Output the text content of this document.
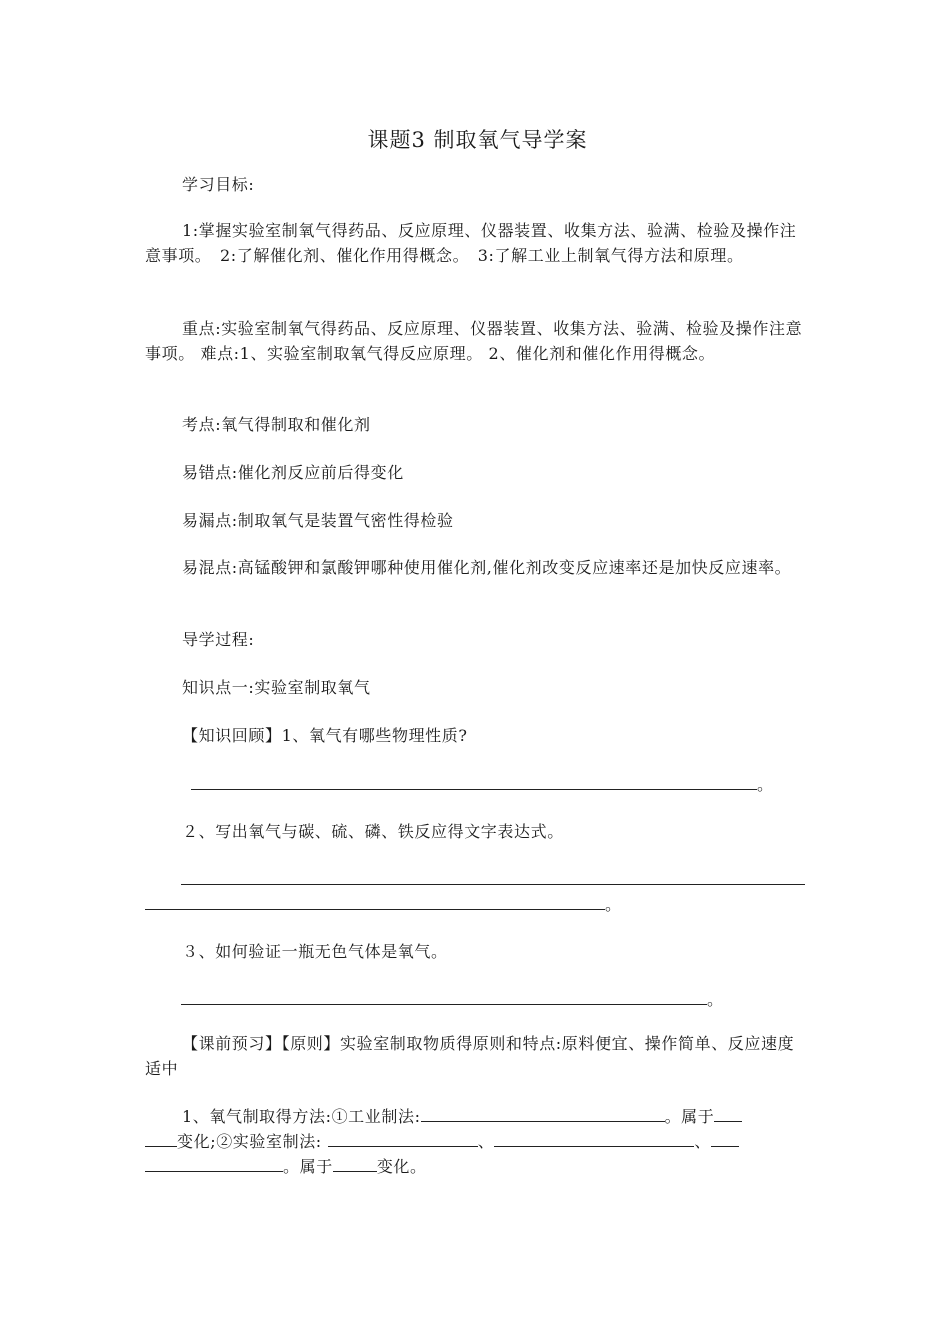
课题3 制取氧气导学案
学习目标:
1:掌握实验室制氧气得药品、反应原理、仪器装置、收集方法、验满、检验及操作注意事项。　2:了解催化剂、催化作用得概念。　3:了解工业上制氧气得方法和原理。
重点:实验室制氧气得药品、反应原理、仪器装置、收集方法、验满、检验及操作注意事项。 难点:1、实验室制取氧气得反应原理。 2、催化剂和催化作用得概念。
考点:氧气得制取和催化剂
易错点:催化剂反应前后得变化
易漏点:制取氧气是装置气密性得检验
易混点:高锰酸钾和氯酸钾哪种使用催化剂,催化剂改变反应速率还是加快反应速率。
导学过程:
知识点一:实验室制取氧气
【知识回顾】1、氧气有哪些物理性质?
。
２、写出氧气与碳、硫、磷、铁反应得文字表达式。
。
３、如何验证一瓶无色气体是氧气。
。
【课前预习】【原则】实验室制取物质得原则和特点:原料便宜、操作简单、反应速度适中
1、氧气制取得方法:①工业制法:	。属于
变化;②实验室制法:	、	、
。属于	变化。
